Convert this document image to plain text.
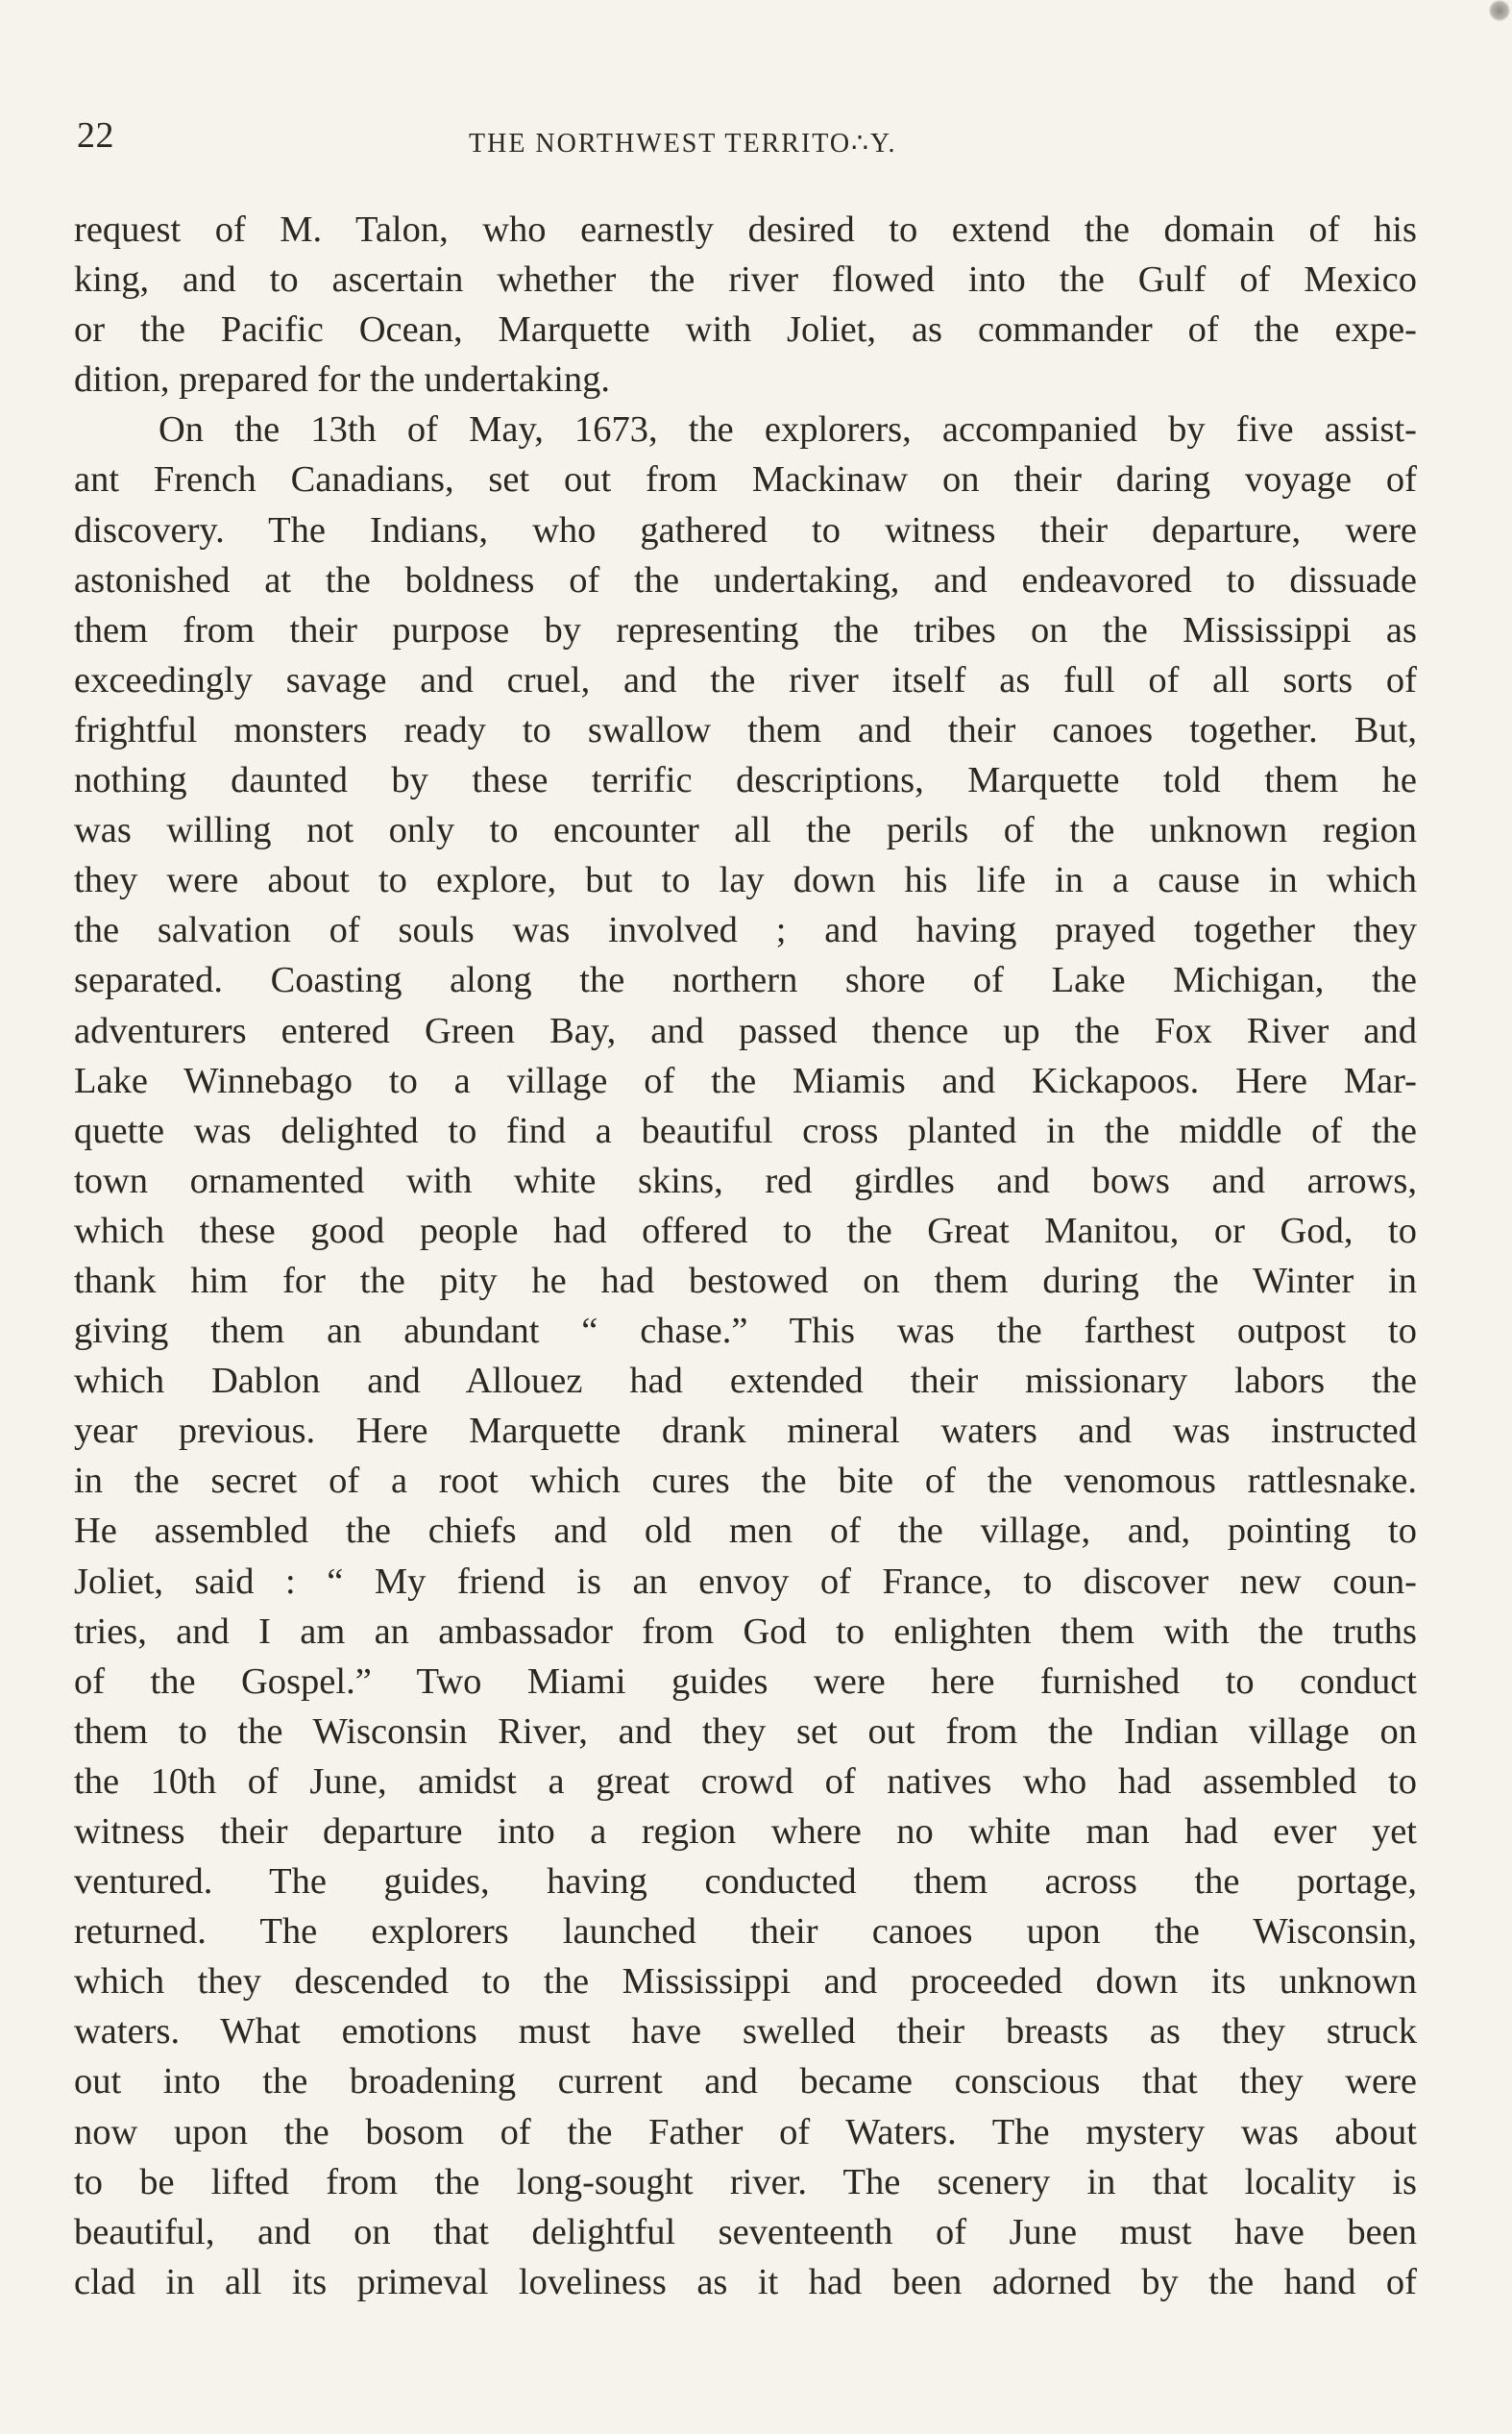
22	THE NORTHWEST TERRITO∴Y.
request of M. Talon, who earnestly desired to extend the domain of his
king, and to ascertain whether the river flowed into the Gulf of Mexico
or the Pacific Ocean, Marquette with Joliet, as commander of the expe-
dition, prepared for the undertaking.
On the 13th of May, 1673, the explorers, accompanied by five assist-
ant French Canadians, set out from Mackinaw on their daring voyage of
discovery. The Indians, who gathered to witness their departure, were
astonished at the boldness of the undertaking, and endeavored to dissuade
them from their purpose by representing the tribes on the Mississippi as
exceedingly savage and cruel, and the river itself as full of all sorts of
frightful monsters ready to swallow them and their canoes together. But,
nothing daunted by these terrific descriptions, Marquette told them he
was willing not only to encounter all the perils of the unknown region
they were about to explore, but to lay down his life in a cause in which
the salvation of souls was involved ; and having prayed together they
separated. Coasting along the northern shore of Lake Michigan, the
adventurers entered Green Bay, and passed thence up the Fox River and
Lake Winnebago to a village of the Miamis and Kickapoos. Here Mar-
quette was delighted to find a beautiful cross planted in the middle of the
town ornamented with white skins, red girdles and bows and arrows,
which these good people had offered to the Great Manitou, or God, to
thank him for the pity he had bestowed on them during the Winter in
giving them an abundant “ chase.” This was the farthest outpost to
which Dablon and Allouez had extended their missionary labors the
year previous. Here Marquette drank mineral waters and was instructed
in the secret of a root which cures the bite of the venomous rattlesnake.
He assembled the chiefs and old men of the village, and, pointing to
Joliet, said : “ My friend is an envoy of France, to discover new coun-
tries, and I am an ambassador from God to enlighten them with the truths
of the Gospel.” Two Miami guides were here furnished to conduct
them to the Wisconsin River, and they set out from the Indian village on
the 10th of June, amidst a great crowd of natives who had assembled to
witness their departure into a region where no white man had ever yet
ventured. The guides, having conducted them across the portage,
returned. The explorers launched their canoes upon the Wisconsin,
which they descended to the Mississippi and proceeded down its unknown
waters. What emotions must have swelled their breasts as they struck
out into the broadening current and became conscious that they were
now upon the bosom of the Father of Waters. The mystery was about
to be lifted from the long-sought river. The scenery in that locality is
beautiful, and on that delightful seventeenth of June must have been
clad in all its primeval loveliness as it had been adorned by the hand of
